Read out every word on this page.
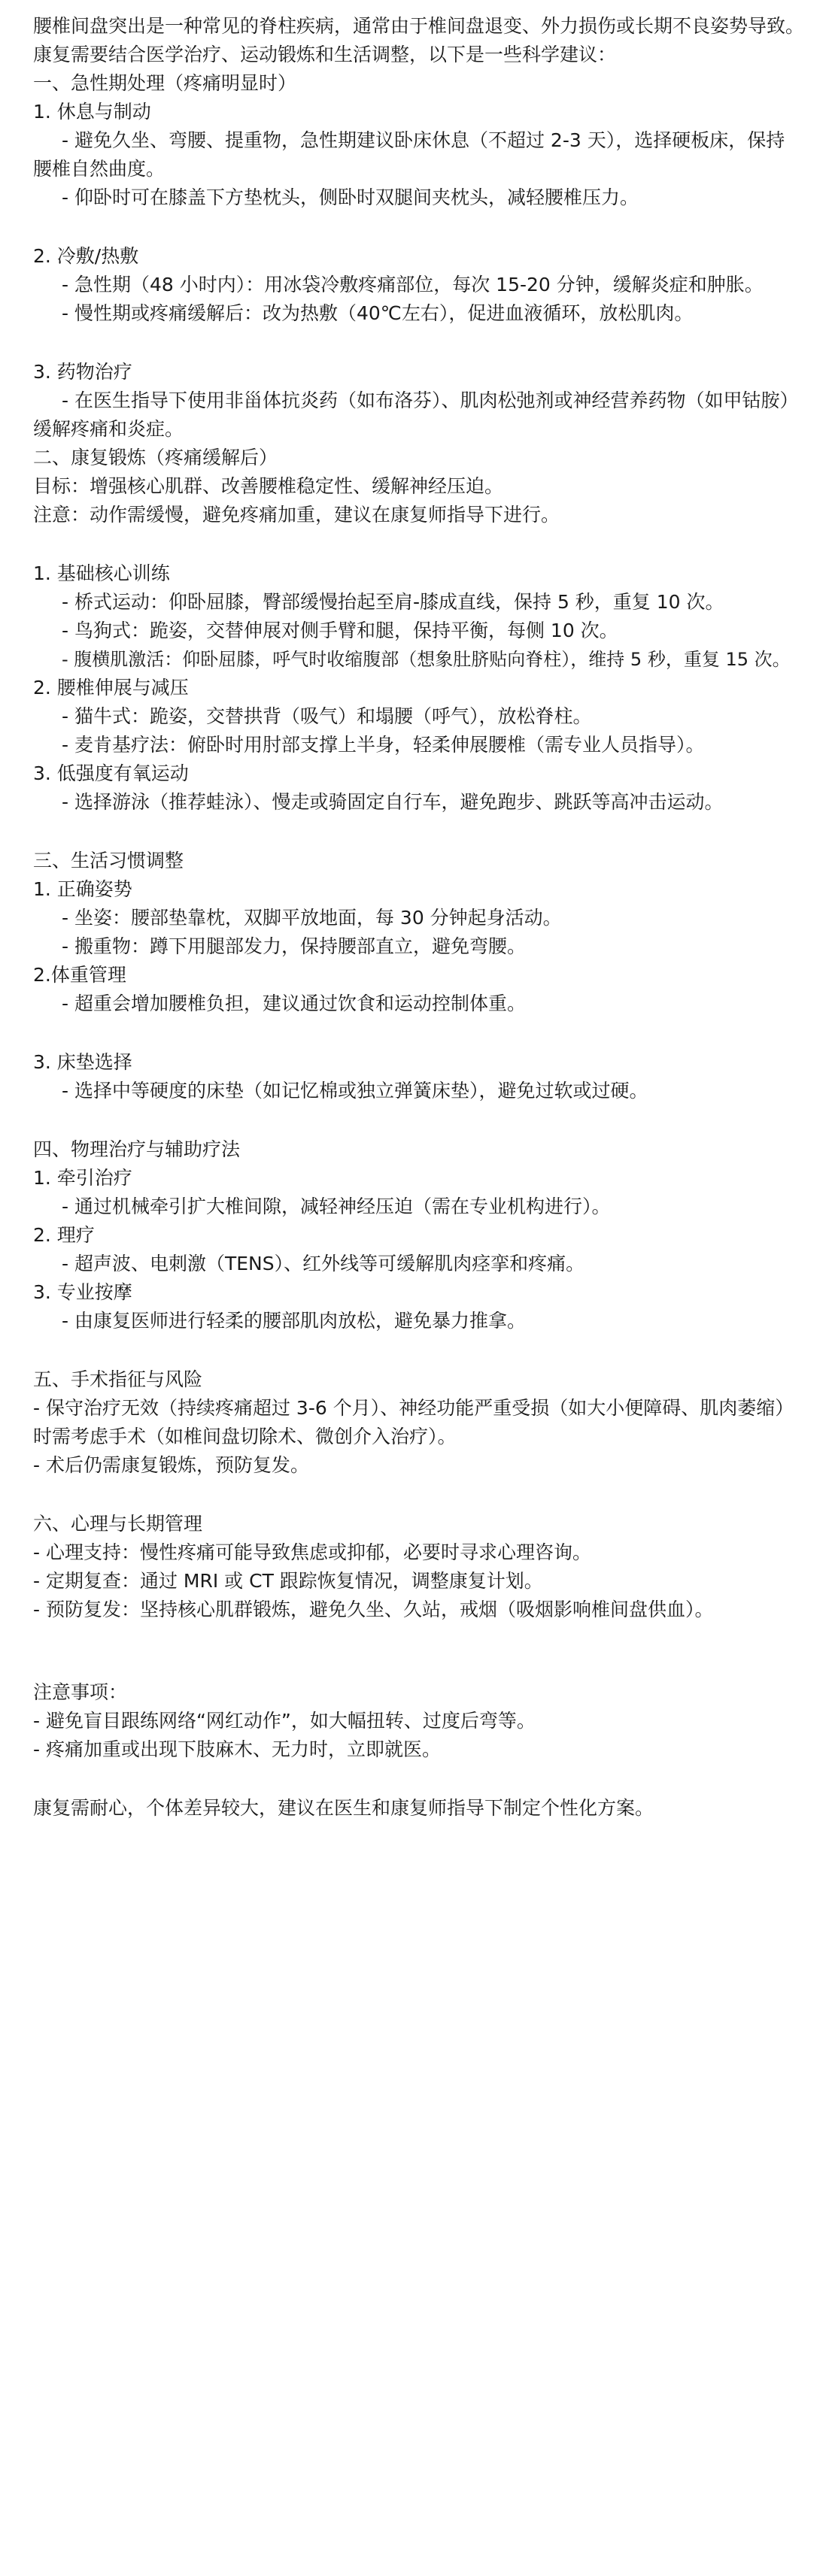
腰椎间盘突出是一种常见的脊柱疾病，通常由于椎间盘退变、外力损伤或长期不良姿势导致。

康复需要结合医学治疗、运动锻炼和生活调整，以下是一些科学建议：

一、急性期处理（疼痛明显时）

1. 休息与制动

- 避免久坐、弯腰、提重物，急性期建议卧床休息（不超过 2-3 天），选择硬板床，保持

腰椎自然曲度。

- 仰卧时可在膝盖下方垫枕头，侧卧时双腿间夹枕头，减轻腰椎压力。

2. 冷敷/热敷

- 急性期（48 小时内）：用冰袋冷敷疼痛部位，每次 15-20 分钟，缓解炎症和肿胀。

- 慢性期或疼痛缓解后：改为热敷（40℃左右），促进血液循环，放松肌肉。

3. 药物治疗

- 在医生指导下使用非甾体抗炎药（如布洛芬）、肌肉松弛剂或神经营养药物（如甲钴胺）

缓解疼痛和炎症。

二、康复锻炼（疼痛缓解后）

目标：增强核心肌群、改善腰椎稳定性、缓解神经压迫。

注意：动作需缓慢，避免疼痛加重，建议在康复师指导下进行。

1. 基础核心训练

- 桥式运动：仰卧屈膝，臀部缓慢抬起至肩-膝成直线，保持 5 秒，重复 10 次。

- 鸟狗式：跪姿，交替伸展对侧手臂和腿，保持平衡，每侧 10 次。

- 腹横肌激活：仰卧屈膝，呼气时收缩腹部（想象肚脐贴向脊柱），维持 5 秒，重复 15 次。

2. 腰椎伸展与减压

- 猫牛式：跪姿，交替拱背（吸气）和塌腰（呼气），放松脊柱。

- 麦肯基疗法：俯卧时用肘部支撑上半身，轻柔伸展腰椎（需专业人员指导）。

3. 低强度有氧运动

- 选择游泳（推荐蛙泳）、慢走或骑固定自行车，避免跑步、跳跃等高冲击运动。

三、生活习惯调整

1. 正确姿势

- 坐姿：腰部垫靠枕，双脚平放地面，每 30 分钟起身活动。

- 搬重物：蹲下用腿部发力，保持腰部直立，避免弯腰。

2.体重管理

- 超重会增加腰椎负担，建议通过饮食和运动控制体重。

3. 床垫选择

- 选择中等硬度的床垫（如记忆棉或独立弹簧床垫），避免过软或过硬。

四、物理治疗与辅助疗法

1. 牵引治疗

- 通过机械牵引扩大椎间隙，减轻神经压迫（需在专业机构进行）。

2. 理疗

- 超声波、电刺激（TENS）、红外线等可缓解肌肉痉挛和疼痛。

3. 专业按摩

- 由康复医师进行轻柔的腰部肌肉放松，避免暴力推拿。

五、手术指征与风险

- 保守治疗无效（持续疼痛超过 3-6 个月）、神经功能严重受损（如大小便障碍、肌肉萎缩）

时需考虑手术（如椎间盘切除术、微创介入治疗）。

- 术后仍需康复锻炼，预防复发。

六、心理与长期管理

- 心理支持：慢性疼痛可能导致焦虑或抑郁，必要时寻求心理咨询。

- 定期复查：通过 MRI 或 CT 跟踪恢复情况，调整康复计划。

- 预防复发：坚持核心肌群锻炼，避免久坐、久站，戒烟（吸烟影响椎间盘供血）。

注意事项：

- 避免盲目跟练网络“网红动作”，如大幅扭转、过度后弯等。

- 疼痛加重或出现下肢麻木、无力时，立即就医。

康复需耐心，个体差异较大，建议在医生和康复师指导下制定个性化方案。
